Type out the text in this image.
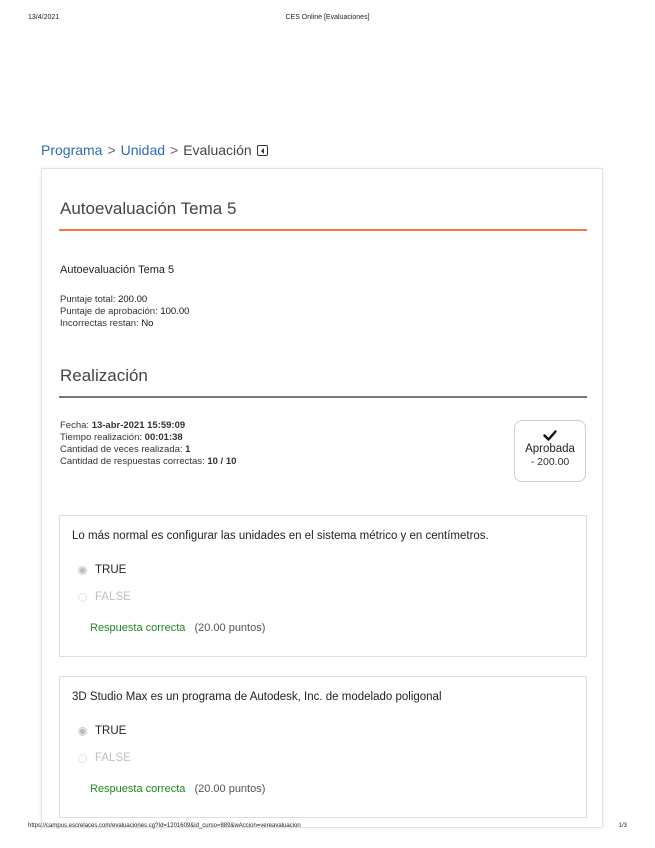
13/4/2021	CES Online [Evaluaciones]
Programa > Unidad > Evaluación
Autoevaluación Tema 5
Autoevaluación Tema 5
Puntaje total: 200.00
Puntaje de aprobación: 100.00
Incorrectas restan: No
Realización
Fecha: 13-abr-2021 15:59:09
Tiempo realización: 00:01:38
Cantidad de veces realizada: 1
Cantidad de respuestas correctas: 10 / 10
Aprobada
- 200.00
Lo más normal es configurar las unidades en el sistema métrico y en centímetros.
TRUE
FALSE
Respuesta correcta (20.00 puntos)
3D Studio Max es un programa de Autodesk, Inc. de modelado poligonal
TRUE
FALSE
Respuesta correcta (20.00 puntos)
https://campus.escrelaces.com/evaluaciones.cg?Id=1201609&id_curso=889&wAccion=vereavaluacion	1/3
